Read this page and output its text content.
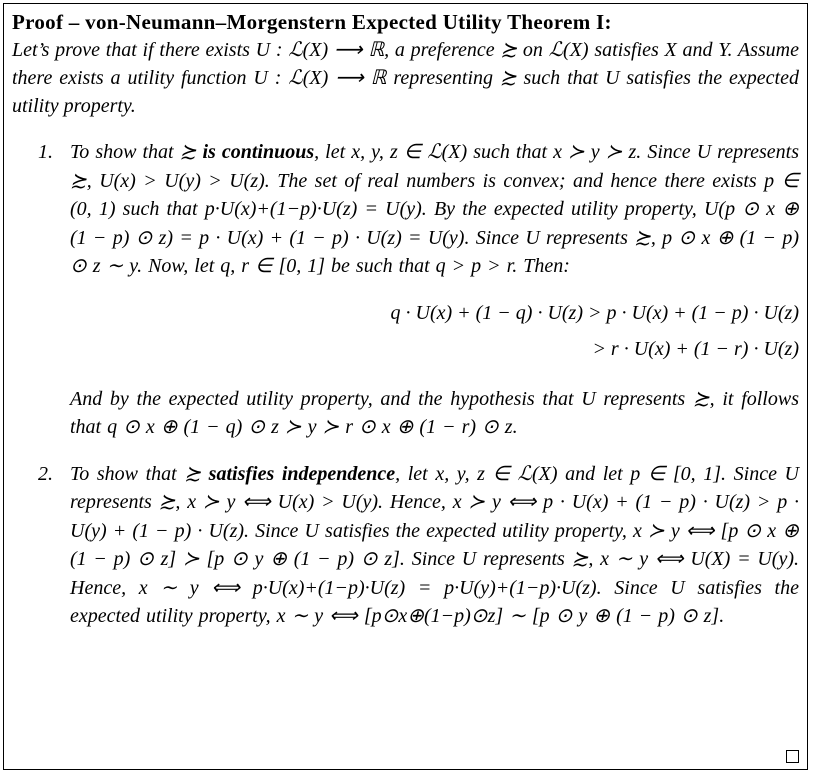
Proof – von-Neumann–Morgenstern Expected Utility Theorem I:
Let’s prove that if there exists U : ℒ(X) ⟶ ℝ, a preference ≿ on ℒ(X) satisfies X and Y. Assume there exists a utility function U : ℒ(X) ⟶ ℝ representing ≿ such that U satisfies the expected utility property.
1. To show that ≿ is continuous, let x, y, z ∈ ℒ(X) such that x ≻ y ≻ z. Since U represents ≿, U(x) > U(y) > U(z). The set of real numbers is convex; and hence there exists p ∈ (0, 1) such that p·U(x)+(1−p)·U(z) = U(y). By the expected utility property, U(p ⊙ x ⊕ (1 − p) ⊙ z) = p · U(x) + (1 − p) · U(z) = U(y). Since U represents ≿, p ⊙ x ⊕ (1 − p) ⊙ z ∼ y. Now, let q, r ∈ [0, 1] be such that q > p > r. Then:
q · U(x) + (1 − q) · U(z) > p · U(x) + (1 − p) · U(z)
> r · U(x) + (1 − r) · U(z)
And by the expected utility property, and the hypothesis that U represents ≿, it follows that q ⊙ x ⊕ (1 − q) ⊙ z ≻ y ≻ r ⊙ x ⊕ (1 − r) ⊙ z.
2. To show that ≿ satisfies independence, let x, y, z ∈ ℒ(X) and let p ∈ [0, 1]. Since U represents ≿, x ≻ y ⟺ U(x) > U(y). Hence, x ≻ y ⟺ p · U(x) + (1 − p) · U(z) > p · U(y) + (1 − p) · U(z). Since U satisfies the expected utility property, x ≻ y ⟺ [p ⊙ x ⊕ (1 − p) ⊙ z] ≻ [p ⊙ y ⊕ (1 − p) ⊙ z]. Since U represents ≿, x ∼ y ⟺ U(X) = U(y). Hence, x ∼ y ⟺ p·U(x)+(1−p)·U(z) = p·U(y)+(1−p)·U(z). Since U satisfies the expected utility property, x ∼ y ⟺ [p⊙x⊕(1−p)⊙z] ∼ [p ⊙ y ⊕ (1 − p) ⊙ z].
